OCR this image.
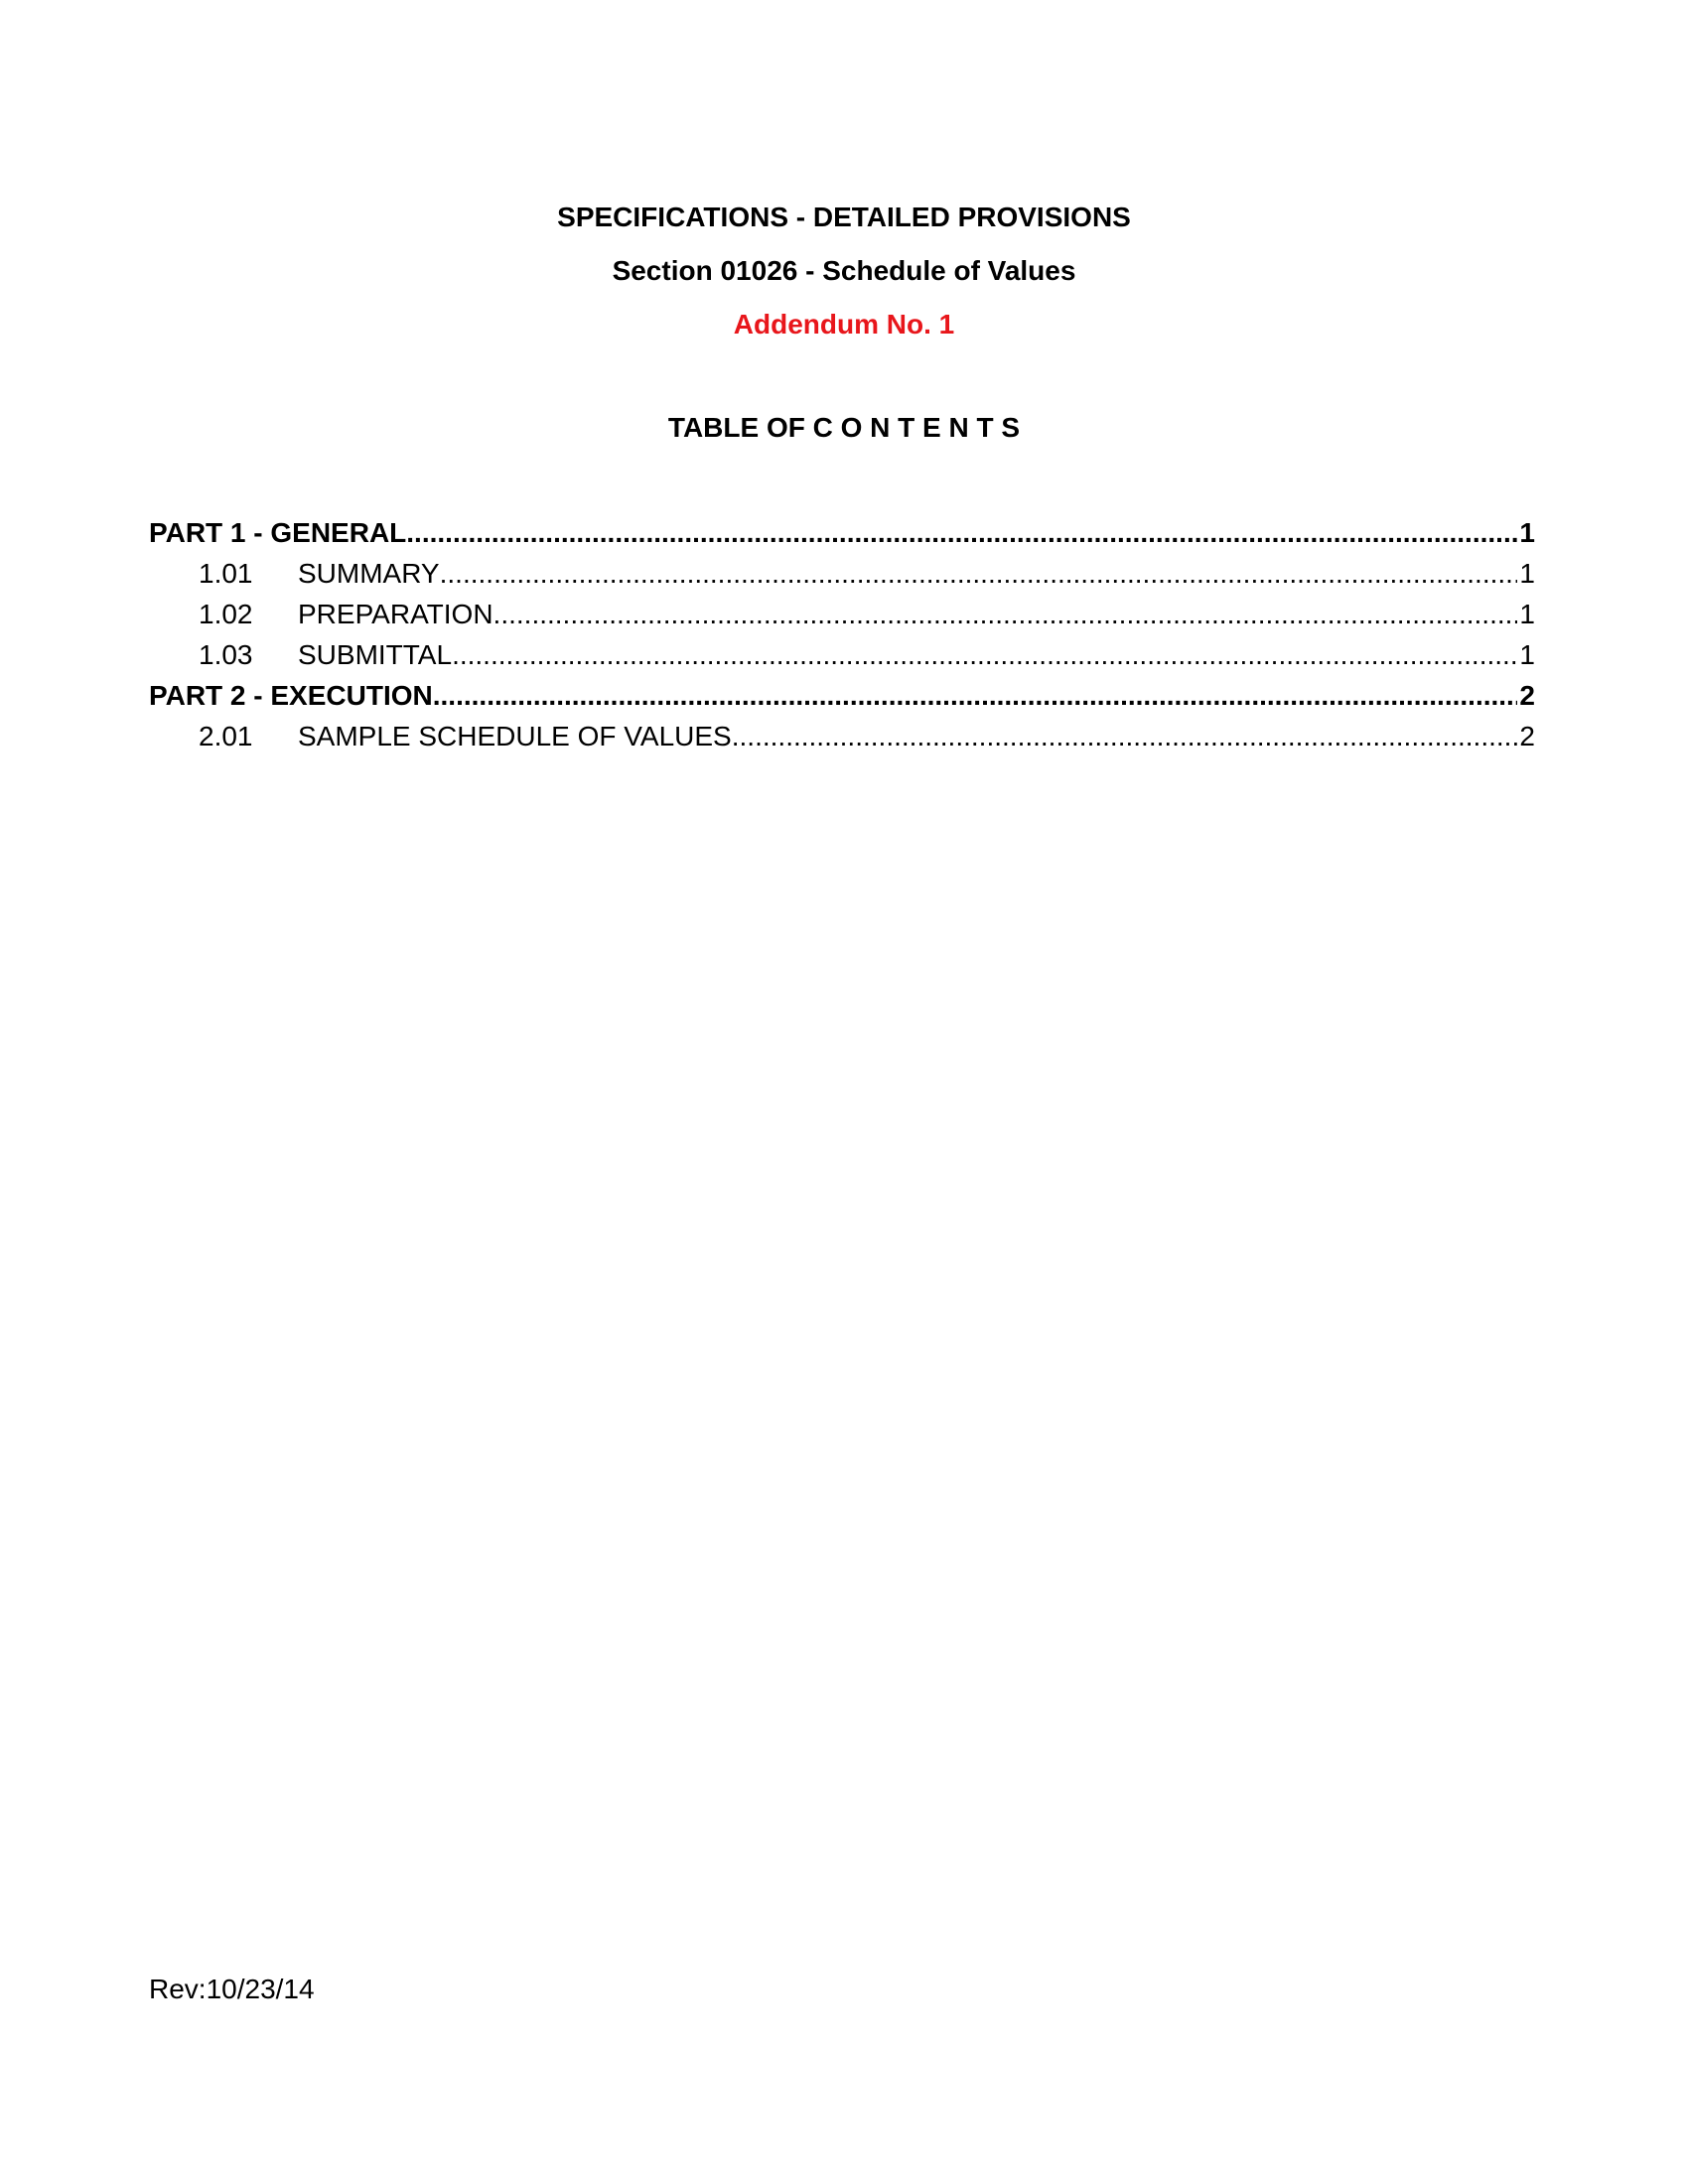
SPECIFICATIONS - DETAILED PROVISIONS
Section 01026 - Schedule of Values
Addendum No. 1
TABLE OF C O N T E N T S
PART 1 - GENERAL .....	1
1.01	SUMMARY .....	1
1.02	PREPARATION .....	1
1.03	SUBMITTAL .....	1
PART 2 - EXECUTION .....	2
2.01	SAMPLE SCHEDULE OF VALUES .....	2
Rev:10/23/14
